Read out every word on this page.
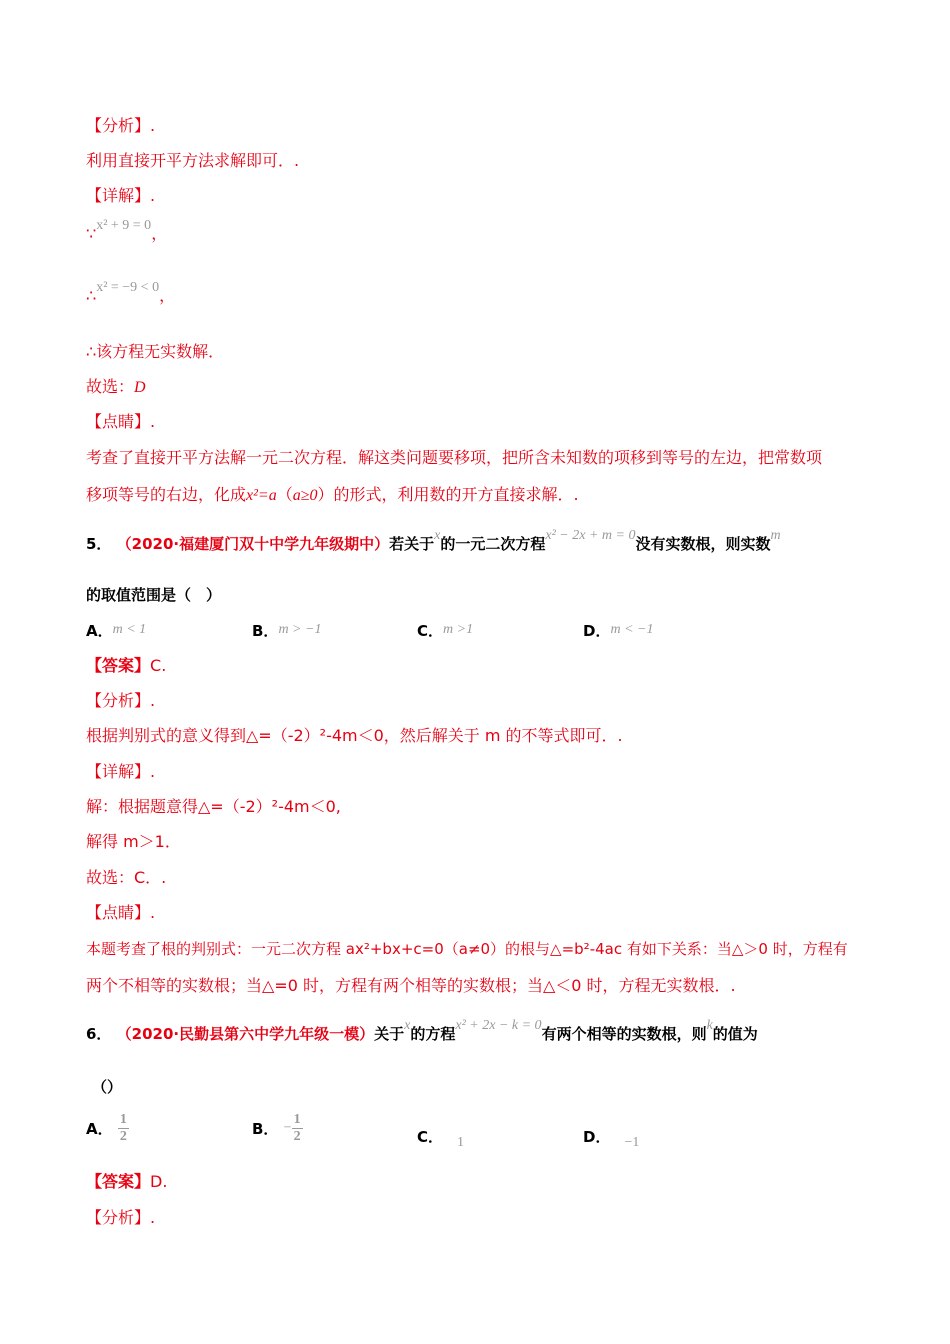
【分析】.
利用直接开平方法求解即可．.
【详解】.
∵x² + 9 = 0，
∴x² = −9 < 0，
∴该方程无实数解．
故选：D
【点睛】.
考查了直接开平方法解一元二次方程．解这类问题要移项，把所含未知数的项移到等号的左边，把常数项
移项等号的右边，化成x²=a（a≥0）的形式，利用数的开方直接求解．.
5． （2020·福建厦门双十中学九年级期中）若关于x的一元二次方程x² − 2x + m = 0没有实数根，则实数m
的取值范围是（　）
A．m < 1	B．m > −1	C．m >1	D．m < −1
【答案】C.
【分析】.
根据判别式的意义得到△=（-2）²-4m＜0，然后解关于 m 的不等式即可．.
【详解】.
解：根据题意得△=（-2）²-4m＜0,
解得 m＞1．
故选：C．.
【点睛】.
本题考查了根的判别式：一元二次方程 ax²+bx+c=0（a≠0）的根与△=b²-4ac 有如下关系：当△＞0 时，方程有
两个不相等的实数根；当△=0 时，方程有两个相等的实数根；当△＜0 时，方程无实数根．.
6． （2020·民勤县第六中学九年级一模）关于x的方程x² + 2x − k = 0有两个相等的实数根，则k的值为
（）
A． $\frac{1}{2}$	B． − $\frac{1}{2}$	C． 1	D． −1
【答案】D.
【分析】.
